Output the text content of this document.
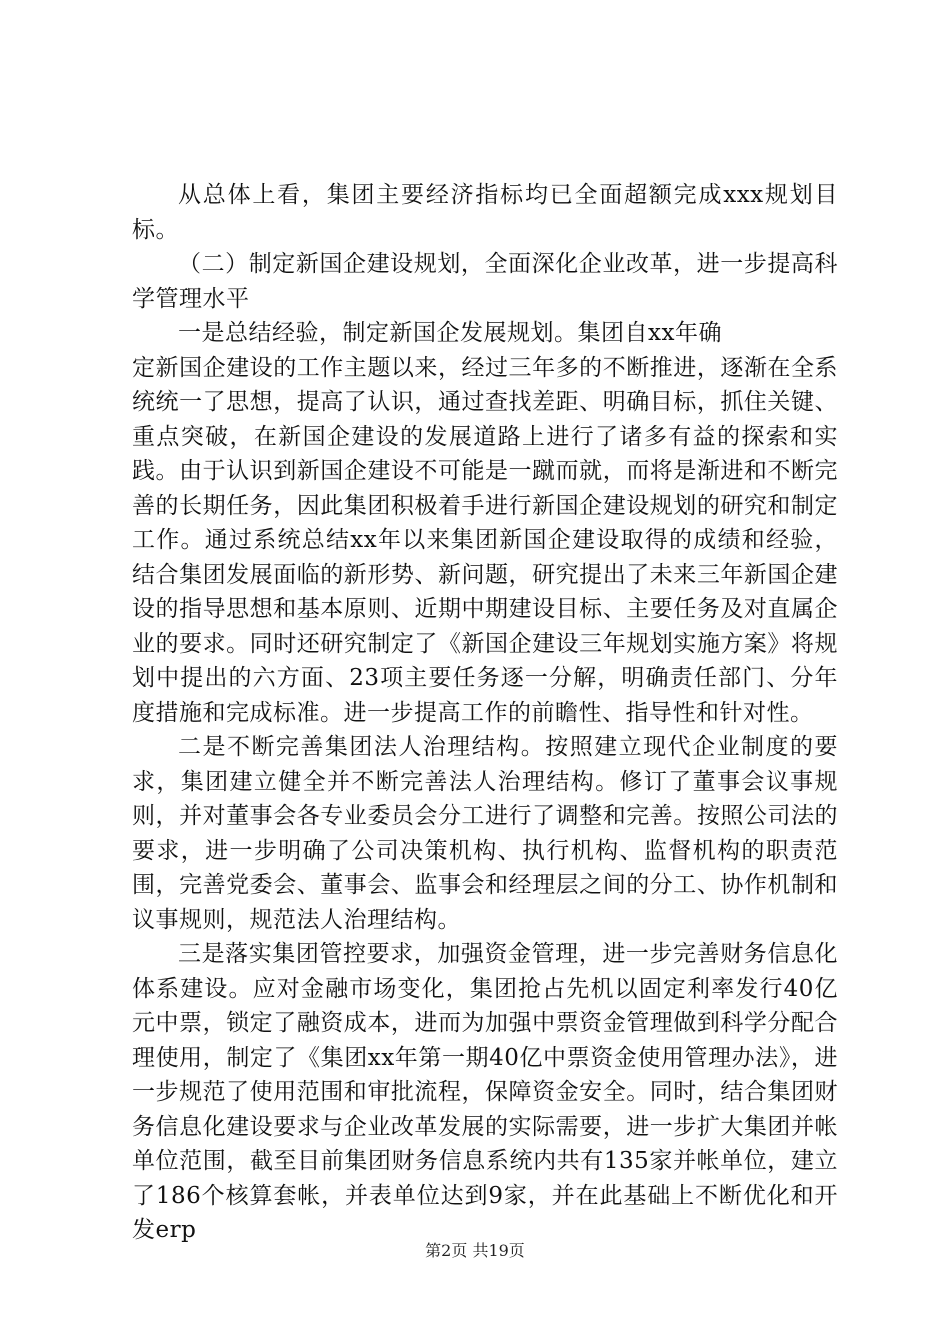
从总体上看，集团主要经济指标均已全面超额完成xxx规划目标。

（二）制定新国企建设规划，全面深化企业改革，进一步提高科学管理水平

一是总结经验，制定新国企发展规划。集团自xx年确

定新国企建设的工作主题以来，经过三年多的不断推进，逐渐在全系统统一了思想，提高了认识，通过查找差距、明确目标，抓住关键、重点突破，在新国企建设的发展道路上进行了诸多有益的探索和实践。由于认识到新国企建设不可能是一蹴而就，而将是渐进和不断完善的长期任务，因此集团积极着手进行新国企建设规划的研究和制定工作。通过系统总结xx年以来集团新国企建设取得的成绩和经验，结合集团发展面临的新形势、新问题，研究提出了未来三年新国企建设的指导思想和基本原则、近期中期建设目标、主要任务及对直属企业的要求。同时还研究制定了《新国企建设三年规划实施方案》将规划中提出的六方面、23项主要任务逐一分解，明确责任部门、分年度措施和完成标准。进一步提高工作的前瞻性、指导性和针对性。

二是不断完善集团法人治理结构。按照建立现代企业制度的要求，集团建立健全并不断完善法人治理结构。修订了董事会议事规则，并对董事会各专业委员会分工进行了调整和完善。按照公司法的要求，进一步明确了公司决策机构、执行机构、监督机构的职责范围，完善党委会、董事会、监事会和经理层之间的分工、协作机制和议事规则，规范法人治理结构。

三是落实集团管控要求，加强资金管理，进一步完善财务信息化体系建设。应对金融市场变化，集团抢占先机以固定利率发行40亿元中票，锁定了融资成本，进而为加强中票资金管理做到科学分配合理使用，制定了《集团xx年第一期40亿中票资金使用管理办法》，进一步规范了使用范围和审批流程，保障资金安全。同时，结合集团财务信息化建设要求与企业改革发展的实际需要，进一步扩大集团并帐单位范围，截至目前集团财务信息系统内共有135家并帐单位，建立了186个核算套帐，并表单位达到9家，并在此基础上不断优化和开发erp

第2页 共19页
